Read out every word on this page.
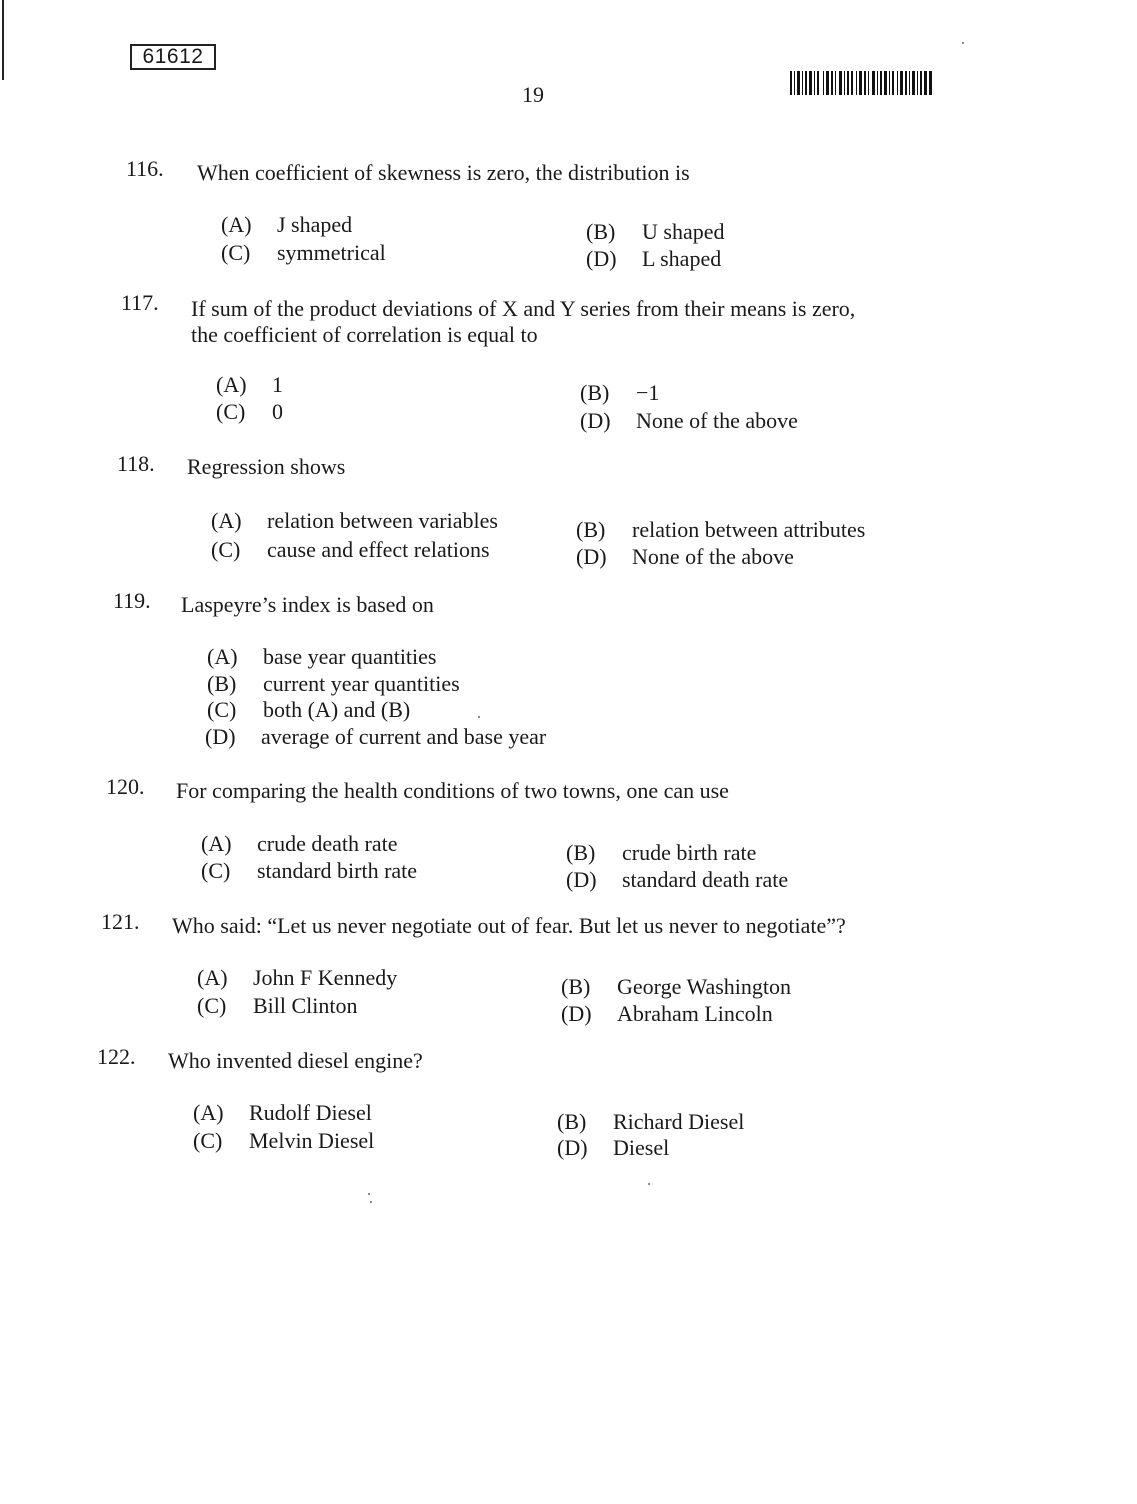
61612
19
116. When coefficient of skewness is zero, the distribution is
(A) J shaped	(B) U shaped
(C) symmetrical	(D) L shaped
117. If sum of the product deviations of X and Y series from their means is zero,
the coefficient of correlation is equal to
(A) 1	(B) −1
(C) 0	(D) None of the above
118. Regression shows
(A) relation between variables	(B) relation between attributes
(C) cause and effect relations	(D) None of the above
119. Laspeyre’s index is based on
(A) base year quantities
(B) current year quantities
(C) both (A) and (B)
(D) average of current and base year
120. For comparing the health conditions of two towns, one can use
(A) crude death rate	(B) crude birth rate
(C) standard birth rate	(D) standard death rate
121. Who said: “Let us never negotiate out of fear. But let us never to negotiate”?
(A) John F Kennedy	(B) George Washington
(C) Bill Clinton	(D) Abraham Lincoln
122. Who invented diesel engine?
(A) Rudolf Diesel	(B) Richard Diesel
(C) Melvin Diesel	(D) Diesel
